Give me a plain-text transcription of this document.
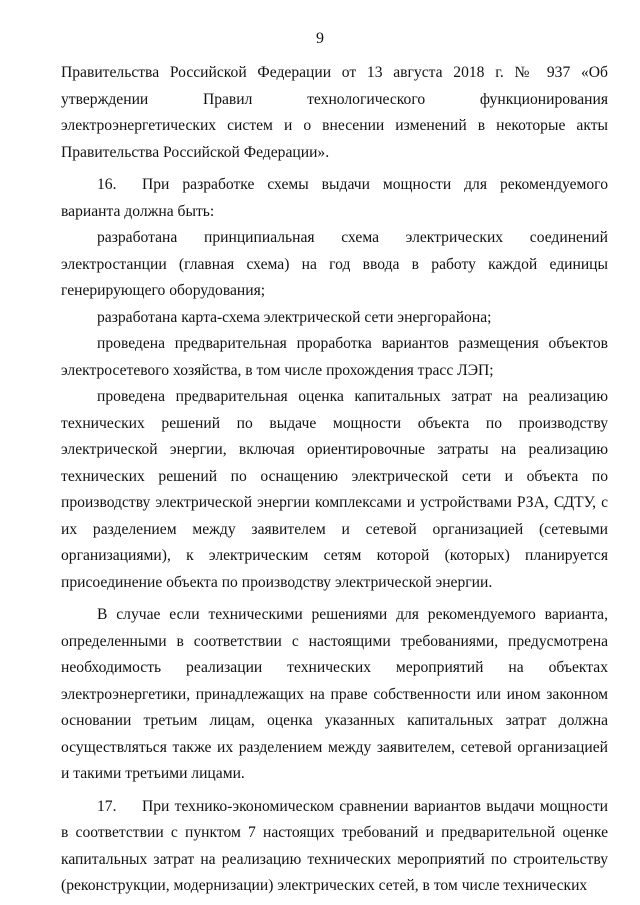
9

Правительства Российской Федерации от 13 августа 2018 г. № 937 «Об утверждении Правил технологического функционирования электроэнергетических систем и о внесении изменений в некоторые акты Правительства Российской Федерации».

16. При разработке схемы выдачи мощности для рекомендуемого варианта должна быть:

разработана принципиальная схема электрических соединений электростанции (главная схема) на год ввода в работу каждой единицы генерирующего оборудования;

разработана карта-схема электрической сети энергорайона;

проведена предварительная проработка вариантов размещения объектов электросетевого хозяйства, в том числе прохождения трасс ЛЭП;

проведена предварительная оценка капитальных затрат на реализацию технических решений по выдаче мощности объекта по производству электрической энергии, включая ориентировочные затраты на реализацию технических решений по оснащению электрической сети и объекта по производству электрической энергии комплексами и устройствами РЗА, СДТУ, с их разделением между заявителем и сетевой организацией (сетевыми организациями), к электрическим сетям которой (которых) планируется присоединение объекта по производству электрической энергии.

В случае если техническими решениями для рекомендуемого варианта, определенными в соответствии с настоящими требованиями, предусмотрена необходимость реализации технических мероприятий на объектах электроэнергетики, принадлежащих на праве собственности или ином законном основании третьим лицам, оценка указанных капитальных затрат должна осуществляться также их разделением между заявителем, сетевой организацией и такими третьими лицами.

17. При технико-экономическом сравнении вариантов выдачи мощности в соответствии с пунктом 7 настоящих требований и предварительной оценке капитальных затрат на реализацию технических мероприятий по строительству (реконструкции, модернизации) электрических сетей, в том числе технических
